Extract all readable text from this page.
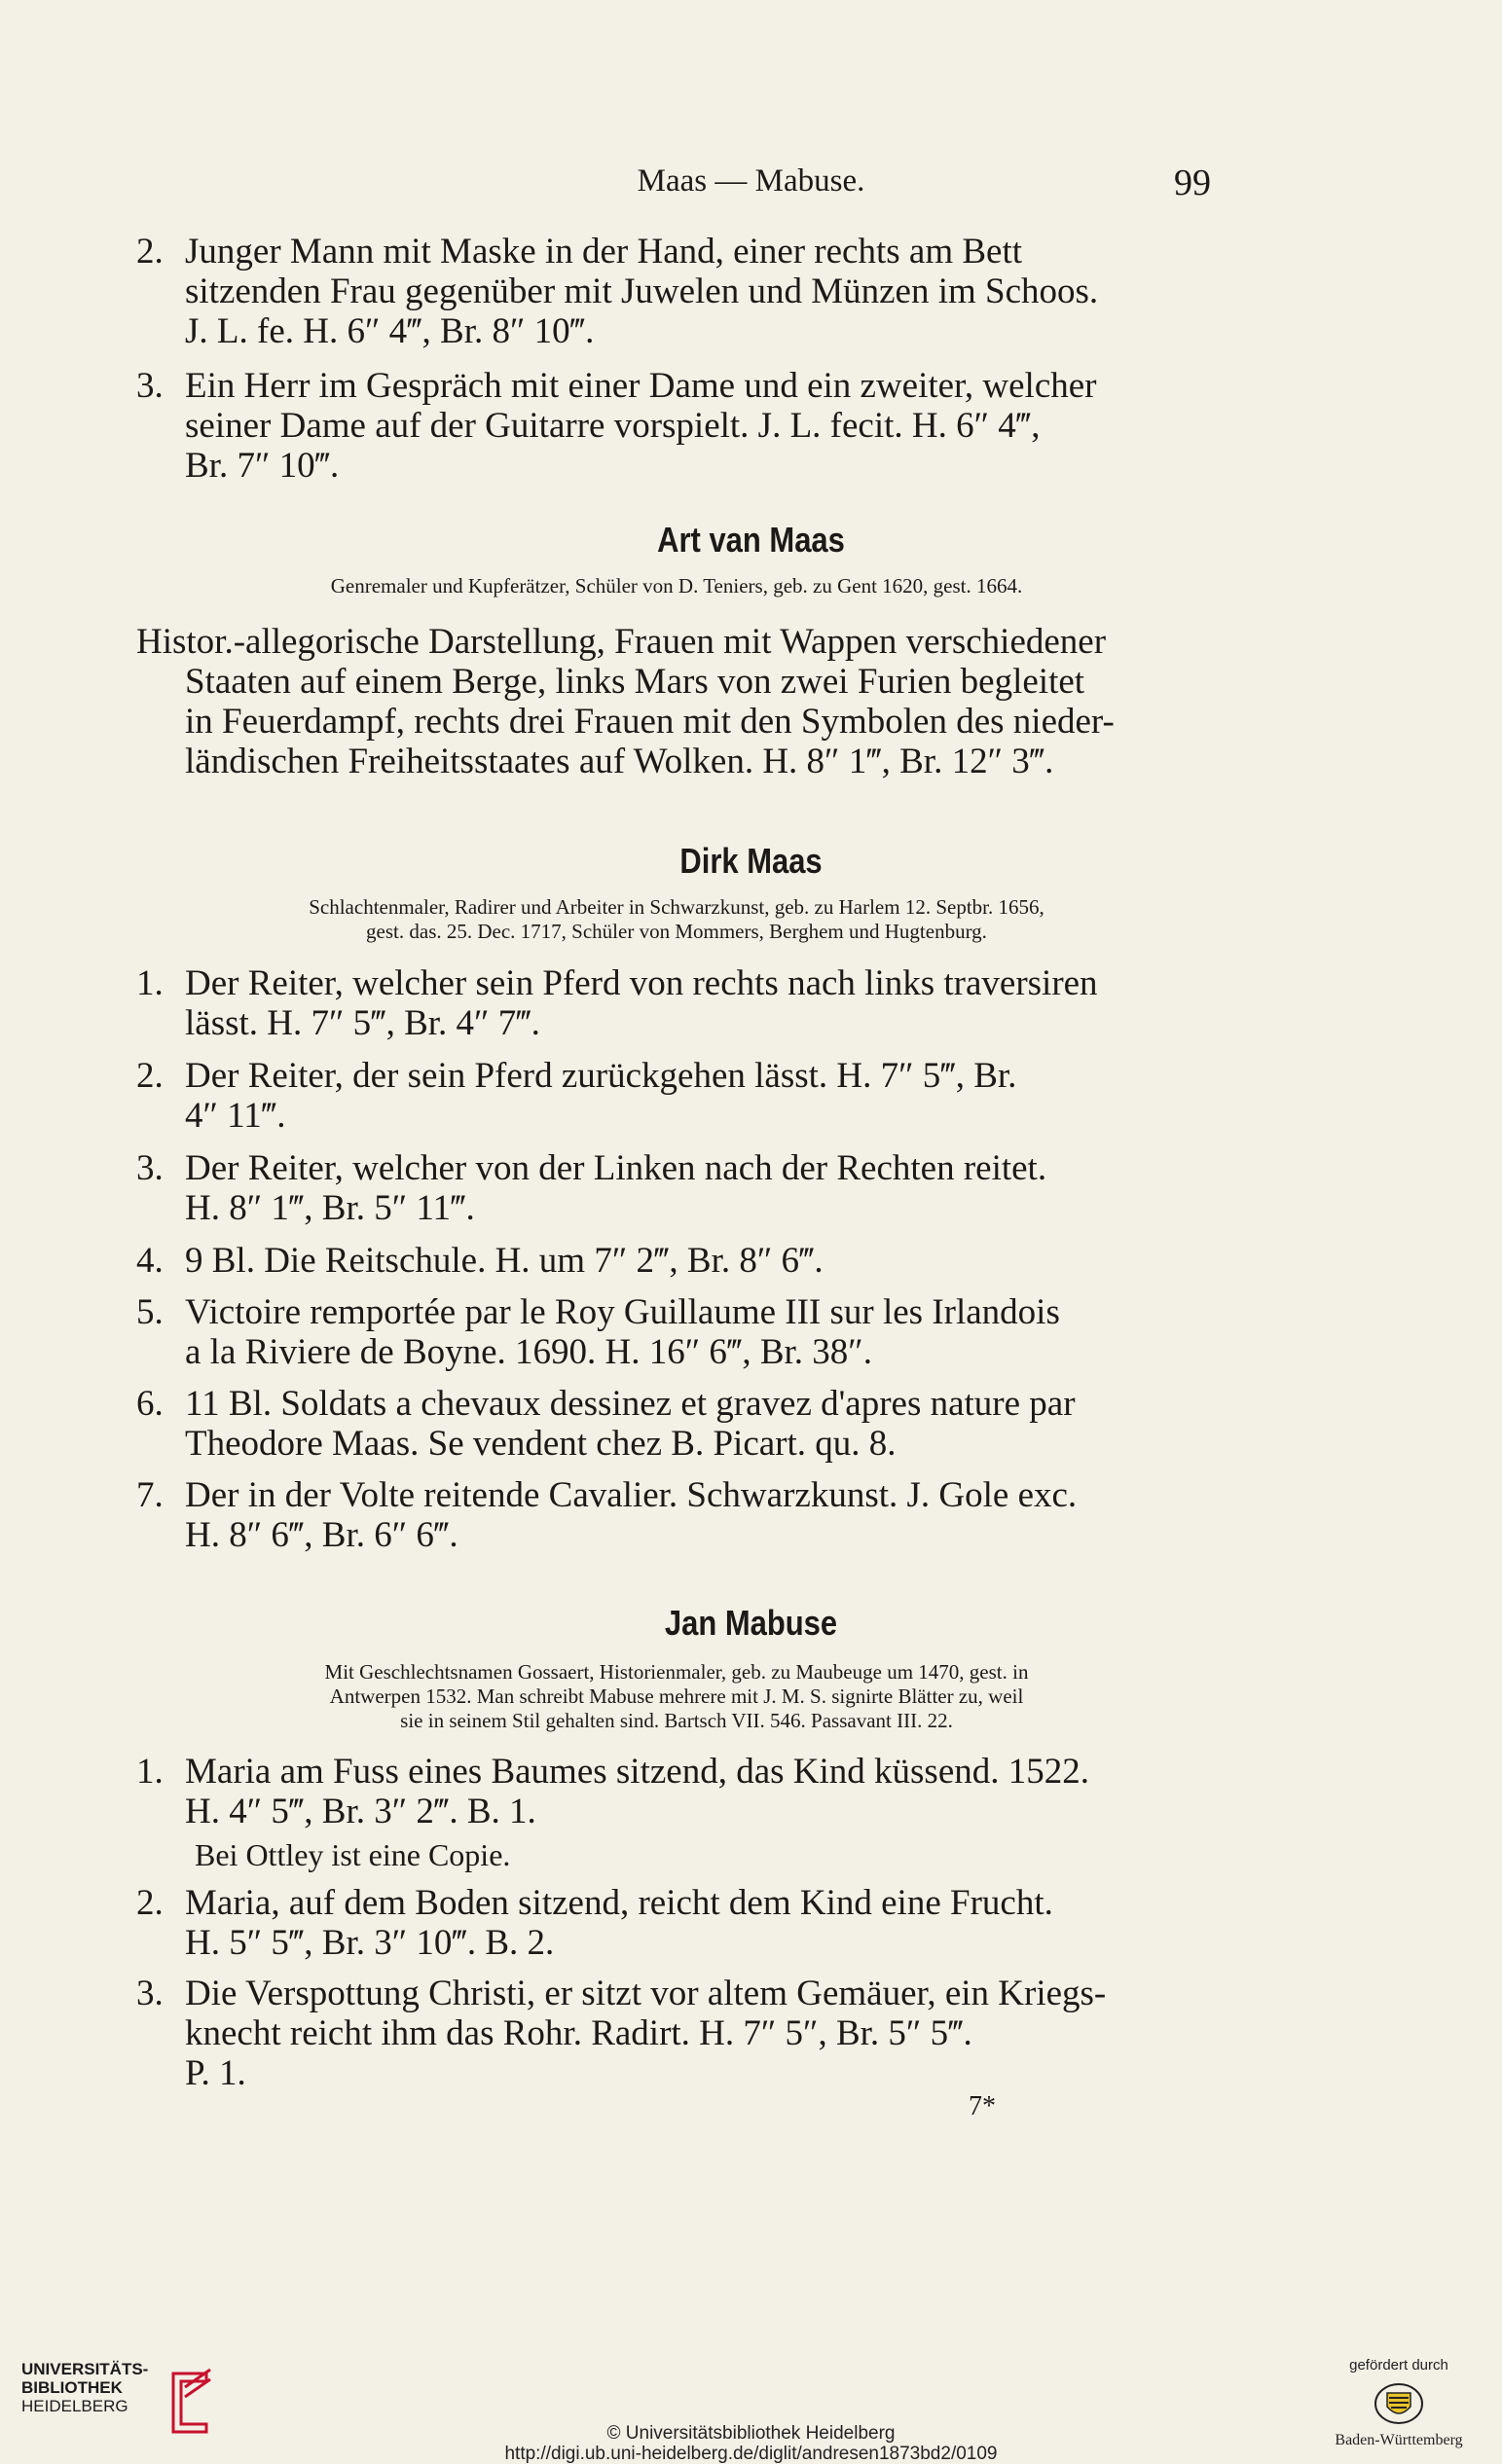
Maas — Mabuse.	99
2. Junger Mann mit Maske in der Hand, einer rechts am Bett
sitzenden Frau gegenüber mit Juwelen und Münzen im Schoos.
J. L. fe. H. 6″ 4‴, Br. 8″ 10‴.
3. Ein Herr im Gespräch mit einer Dame und ein zweiter, welcher
seiner Dame auf der Guitarre vorspielt. J. L. fecit. H. 6″ 4‴,
Br. 7″ 10‴.
Art van Maas
Genremaler und Kupferätzer, Schüler von D. Teniers, geb. zu Gent 1620, gest. 1664.
Histor.-allegorische Darstellung, Frauen mit Wappen verschiedener
Staaten auf einem Berge, links Mars von zwei Furien begleitet
in Feuerdampf, rechts drei Frauen mit den Symbolen des nieder-
ländischen Freiheitsstaates auf Wolken. H. 8″ 1‴, Br. 12″ 3‴.
Dirk Maas
Schlachtenmaler, Radirer und Arbeiter in Schwarzkunst, geb. zu Harlem 12. Septbr. 1656,
gest. das. 25. Dec. 1717, Schüler von Mommers, Berghem und Hugtenburg.
1. Der Reiter, welcher sein Pferd von rechts nach links traversiren
lässt. H. 7″ 5‴, Br. 4″ 7‴.
2. Der Reiter, der sein Pferd zurückgehen lässt. H. 7″ 5‴, Br.
4″ 11‴.
3. Der Reiter, welcher von der Linken nach der Rechten reitet.
H. 8″ 1‴, Br. 5″ 11‴.
4. 9 Bl. Die Reitschule. H. um 7″ 2‴, Br. 8″ 6‴.
5. Victoire remportée par le Roy Guillaume III sur les Irlandois
a la Riviere de Boyne. 1690. H. 16″ 6‴, Br. 38″.
6. 11 Bl. Soldats a chevaux dessinez et gravez d'apres nature par
Theodore Maas. Se vendent chez B. Picart. qu. 8.
7. Der in der Volte reitende Cavalier. Schwarzkunst. J. Gole exc.
H. 8″ 6‴, Br. 6″ 6‴.
Jan Mabuse
Mit Geschlechtsnamen Gossaert, Historienmaler, geb. zu Maubeuge um 1470, gest. in
Antwerpen 1532. Man schreibt Mabuse mehrere mit J. M. S. signirte Blätter zu, weil
sie in seinem Stil gehalten sind. Bartsch VII. 546. Passavant III. 22.
1. Maria am Fuss eines Baumes sitzend, das Kind küssend. 1522.
H. 4″ 5‴, Br. 3″ 2‴. B. 1.
Bei Ottley ist eine Copie.
2. Maria, auf dem Boden sitzend, reicht dem Kind eine Frucht.
H. 5″ 5‴, Br. 3″ 10‴. B. 2.
3. Die Verspottung Christi, er sitzt vor altem Gemäuer, ein Kriegs-
knecht reicht ihm das Rohr. Radirt. H. 7″ 5″, Br. 5″ 5‴.
P. 1.
7*
UNIVERSITÄTS-
BIBLIOTHEK
HEIDELBERG
© Universitätsbibliothek Heidelberg
http://digi.ub.uni-heidelberg.de/diglit/andresen1873bd2/0109
gefördert durch
Baden-Württemberg
